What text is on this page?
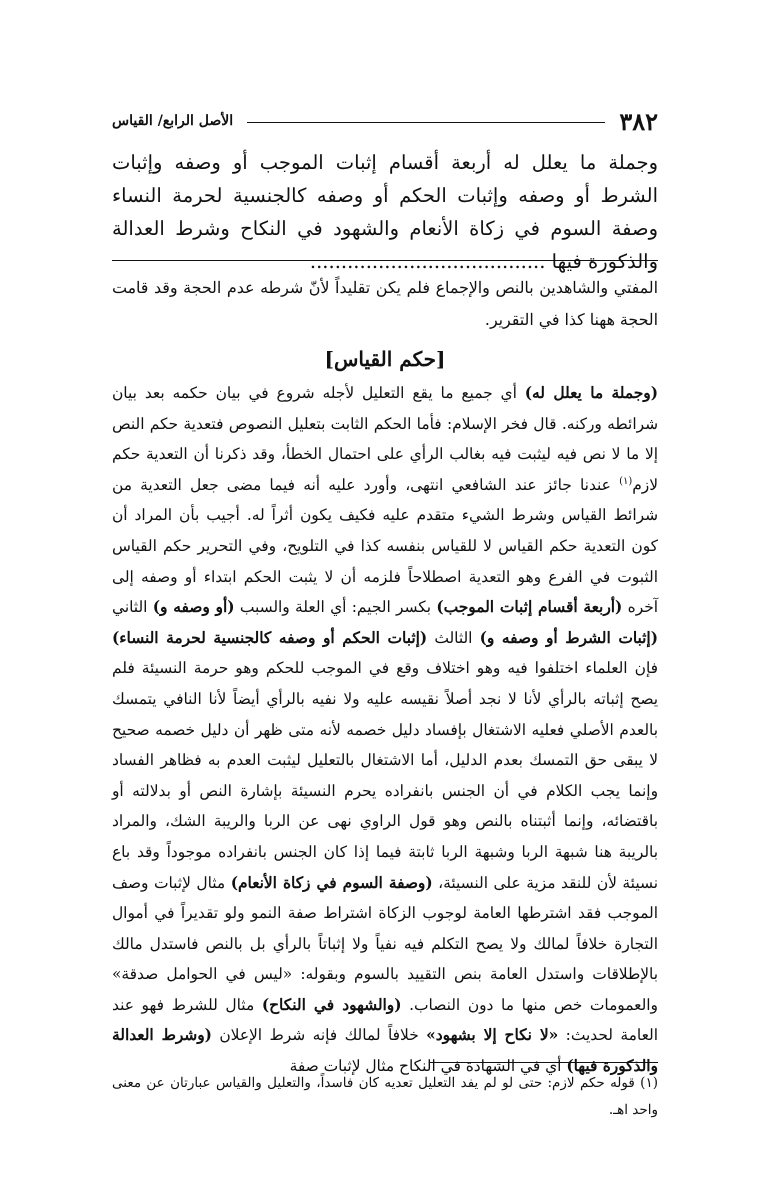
٣٨٢
الأصل الرابع/ القياس
وجملة ما يعلل له أربعة أقسام إثبات الموجب أو وصفه وإثبات الشرط أو وصفه وإثبات الحكم أو وصفه كالجنسية لحرمة النساء وصفة السوم في زكاة الأنعام والشهود في النكاح وشرط العدالة والذكورة فيها ......................................
المفتي والشاهدين بالنص والإجماع فلم يكن تقليداً لأنّ شرطه عدم الحجة وقد قامت الحجة ههنا كذا في التقرير.
[حكم القياس]
(وجملة ما يعلل له) أي جميع ما يقع التعليل لأجله شروع في بيان حكمه بعد بيان شرائطه وركنه. قال فخر الإسلام: فأما الحكم الثابت بتعليل النصوص فتعدية حكم النص إلا ما لا نص فيه ليثبت فيه بغالب الرأي على احتمال الخطأ، وقد ذكرنا أن التعدية حكم لازم$^{(١)}$ عندنا جائز عند الشافعي انتهى، وأورد عليه أنه فيما مضى جعل التعدية من شرائط القياس وشرط الشيء متقدم عليه فكيف يكون أثراً له. أجيب بأن المراد أن كون التعدية حكم القياس لا للقياس بنفسه كذا في التلويح، وفي التحرير حكم القياس الثبوت في الفرع وهو التعدية اصطلاحاً فلزمه أن لا يثبت الحكم ابتداء أو وصفه إلى آخره (أربعة أقسام إثبات الموجب) بكسر الجيم: أي العلة والسبب (أو وصفه و) الثاني (إثبات الشرط أو وصفه و) الثالث (إثبات الحكم أو وصفه كالجنسية لحرمة النساء) فإن العلماء اختلفوا فيه وهو اختلاف وقع في الموجب للحكم وهو حرمة النسيئة فلم يصح إثباته بالرأي لأنا لا نجد أصلاً نقيسه عليه ولا نفيه بالرأي أيضاً لأنا النافي يتمسك بالعدم الأصلي فعليه الاشتغال بإفساد دليل خصمه لأنه متى ظهر أن دليل خصمه صحيح لا يبقى حق التمسك بعدم الدليل، أما الاشتغال بالتعليل ليثبت العدم به فظاهر الفساد وإنما يجب الكلام في أن الجنس بانفراده يحرم النسيئة بإشارة النص أو بدلالته أو باقتضائه، وإنما أثبتناه بالنص وهو قول الراوي نهى عن الربا والريبة الشك، والمراد بالريبة هنا شبهة الربا وشبهة الربا ثابتة فيما إذا كان الجنس بانفراده موجوداً وقد باع نسيئة لأن للنقد مزية على النسيئة، (وصفة السوم في زكاة الأنعام) مثال لإثبات وصف الموجب فقد اشترطها العامة لوجوب الزكاة اشتراط صفة النمو ولو تقديراً في أموال التجارة خلافاً لمالك ولا يصح التكلم فيه نفياً ولا إثباتاً بالرأي بل بالنص فاستدل مالك بالإطلاقات واستدل العامة بنص التقييد بالسوم وبقوله: «ليس في الحوامل صدقة» والعمومات خص منها ما دون النصاب. (والشهود في النكاح) مثال للشرط فهو عند العامة لحديث: «لا نكاح إلا بشهود» خلافاً لمالك فإنه شرط الإعلان (وشرط العدالة والذكورة فيها) أي في الشهادة في النكاح مثال لإثبات صفة
(١) قوله حكم لازم: حتى لو لم يفد التعليل تعديه كان فاسداً، والتعليل والقياس عبارتان عن معنى واحد اهـ.
